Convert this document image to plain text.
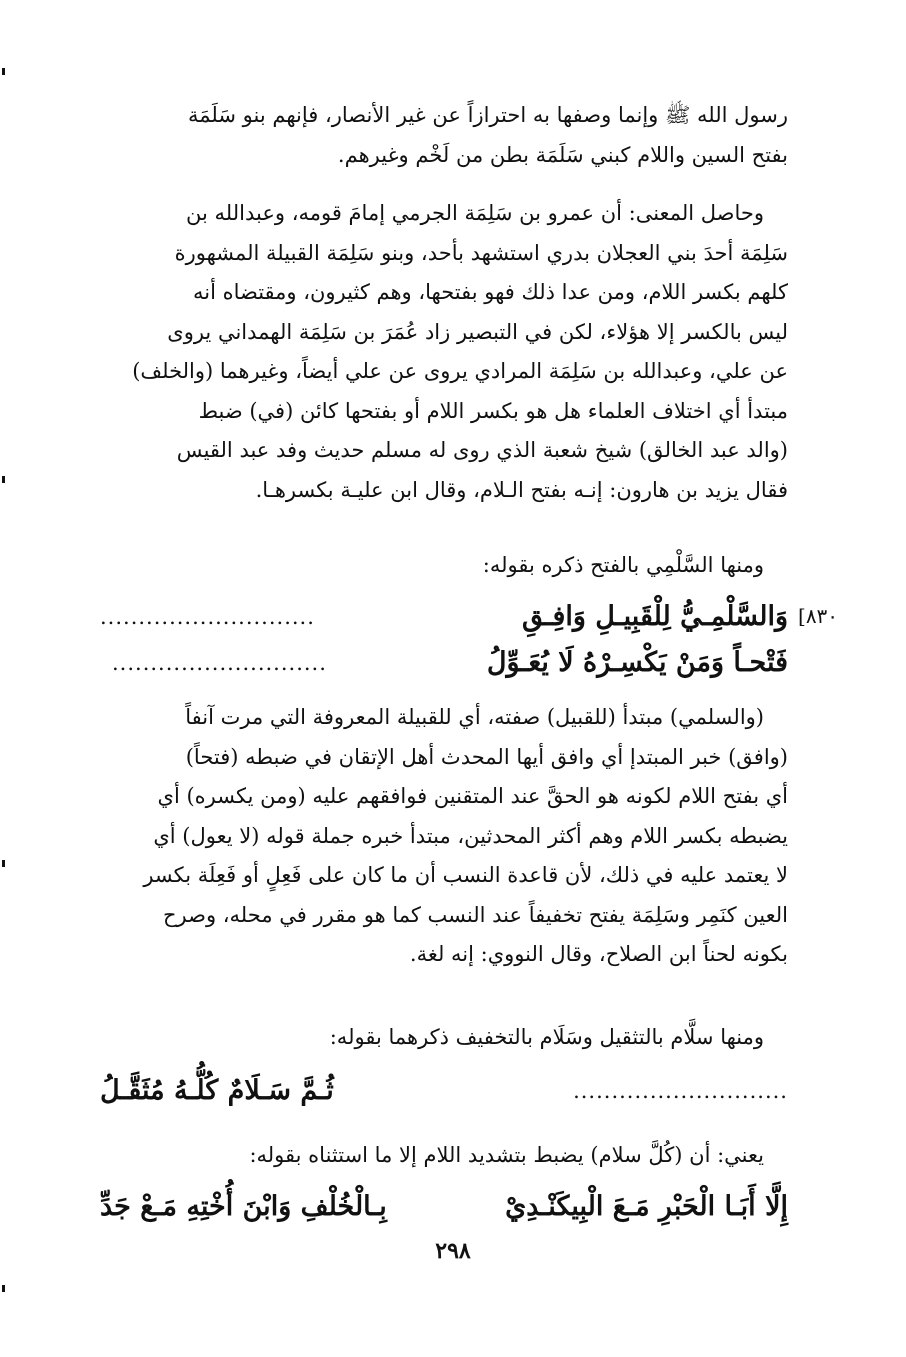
رسول الله ﷺ وإنما وصفها به احترازاً عن غير الأنصار، فإنهم بنو سَلَمَة
بفتح السين واللام كبني سَلَمَة بطن من لَخْم وغيرهم.
وحاصل المعنى: أن عمرو بن سَلِمَة الجرمي إمامَ قومه، وعبدالله بن
سَلِمَة أحدَ بني العجلان بدري استشهد بأحد، وبنو سَلِمَة القبيلة المشهورة
كلهم بكسر اللام، ومن عدا ذلك فهو بفتحها، وهم كثيرون، ومقتضاه أنه
ليس بالكسر إلا هؤلاء، لكن في التبصير زاد عُمَرَ بن سَلِمَة الهمداني يروى
عن علي، وعبدالله بن سَلِمَة المرادي يروى عن علي أيضاً، وغيرهما (والخلف)
مبتدأ أي اختلاف العلماء هل هو بكسر اللام أو بفتحها كائن (في) ضبط
(والد عبد الخالق) شيخ شعبة الذي روى له مسلم حديث وفد عبد القيس
فقال يزيد بن هارون: إنـه بفتح الـلام، وقال ابن عليـة بكسرهـا.
ومنها السَّلْمِي بالفتح ذكره بقوله:
وَالسَّلْمِـيُّ لِلْقَبِيـلِ وَافِـقِ
............................	[٨٣٠
فَتْحـاً وَمَنْ يَكْسِـرْهُ لَا يُعَـوِّلُ
............................
(والسلمي) مبتدأ (للقبيل) صفته، أي للقبيلة المعروفة التي مرت آنفاً
(وافق) خبر المبتدإ أي وافق أيها المحدث أهل الإتقان في ضبطه (فتحاً)
أي بفتح اللام لكونه هو الحقَّ عند المتقنين فوافقهم عليه (ومن يكسره) أي
يضبطه بكسر اللام وهم أكثر المحدثين، مبتدأ خبره جملة قوله (لا يعول) أي
لا يعتمد عليه في ذلك، لأن قاعدة النسب أن ما كان على فَعِلٍ أو فَعِلَة بكسر
العين كنَمِر وسَلِمَة يفتح تخفيفاً عند النسب كما هو مقرر في محله، وصرح
بكونه لحناً ابن الصلاح، وقال النووي: إنه لغة.
ومنها سلَّام بالتثقيل وسَلَام بالتخفيف ذكرهما بقوله:
ثُـمَّ سَـلَامٌ كُلُّـهُ مُثَقَّـلُ	............................
يعني: أن (كُلَّ سلام) يضبط بتشديد اللام إلا ما استثناه بقوله:
إِلَّا أَبَـا الْحَبْرِ مَـعَ الْبِيكَنْـدِيْ
بِـالْخُلْفِ وَابْنَ أُخْتِهِ مَـعْ جَدِّ
٢٩٨
